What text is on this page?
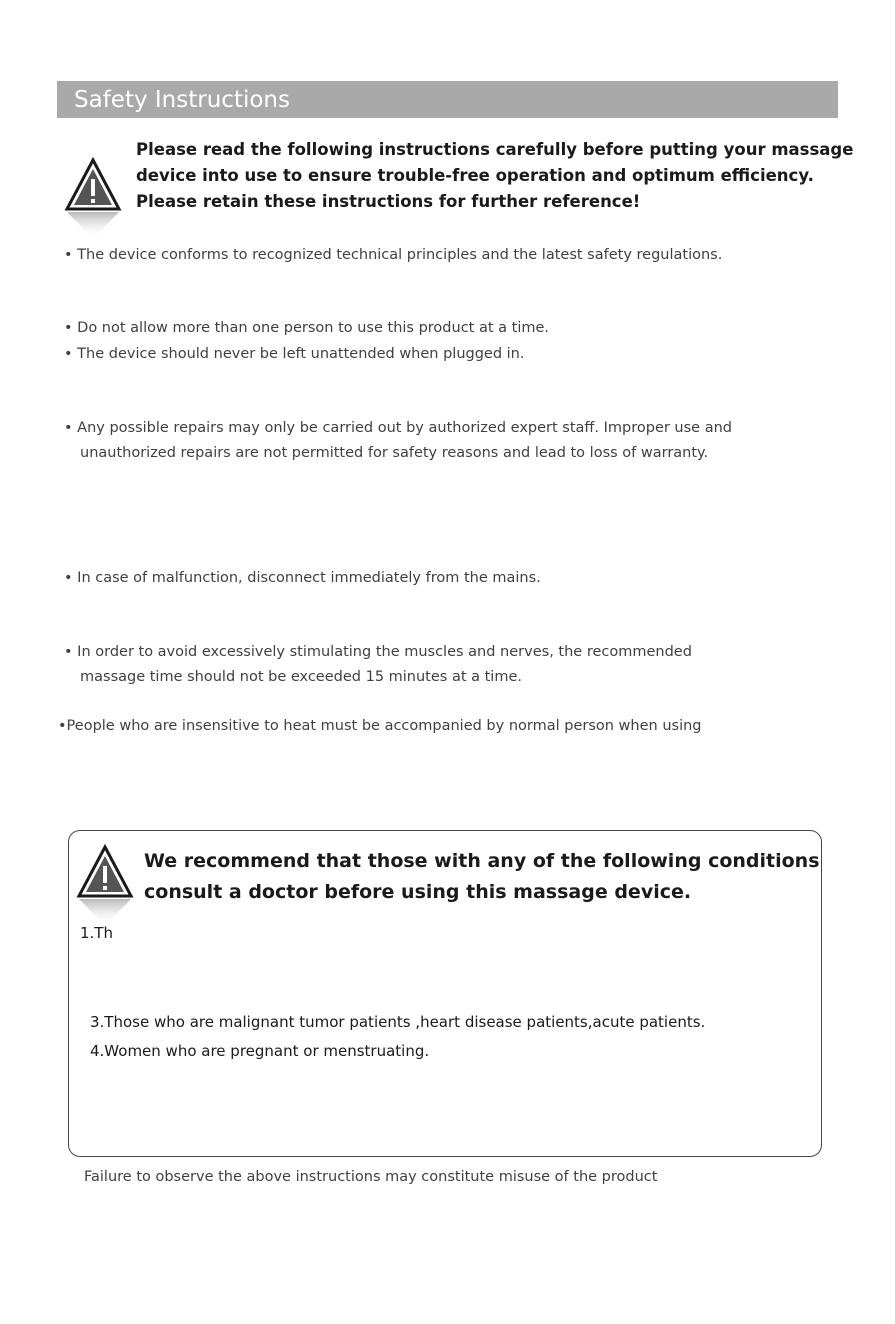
Safety Instructions
Please read the following instructions carefully before putting your massage
device into use to ensure trouble-free operation and optimum efficiency.
Please retain these instructions for further reference!
• The device conforms to recognized technical principles and the latest safety regulations.
• Do not allow more than one person to use this product at a time.
• The device should never be left unattended when plugged in.
• Any possible repairs may only be carried out by authorized expert staff. Improper use and
unauthorized repairs are not permitted for safety reasons and lead to loss of warranty.
• In case of malfunction, disconnect immediately from the mains.
• In order to avoid excessively stimulating the muscles and nerves, the recommended
massage time should not be exceeded 15 minutes at a time.
•People who are insensitive to heat must be accompanied by normal person when using
We recommend that those with any of the following conditions
consult a doctor before using this massage device.
1.Th
3.Those who are malignant tumor patients ,heart disease patients,acute patients.
4.Women who are pregnant or menstruating.
Failure to observe the above instructions may constitute misuse of the product
